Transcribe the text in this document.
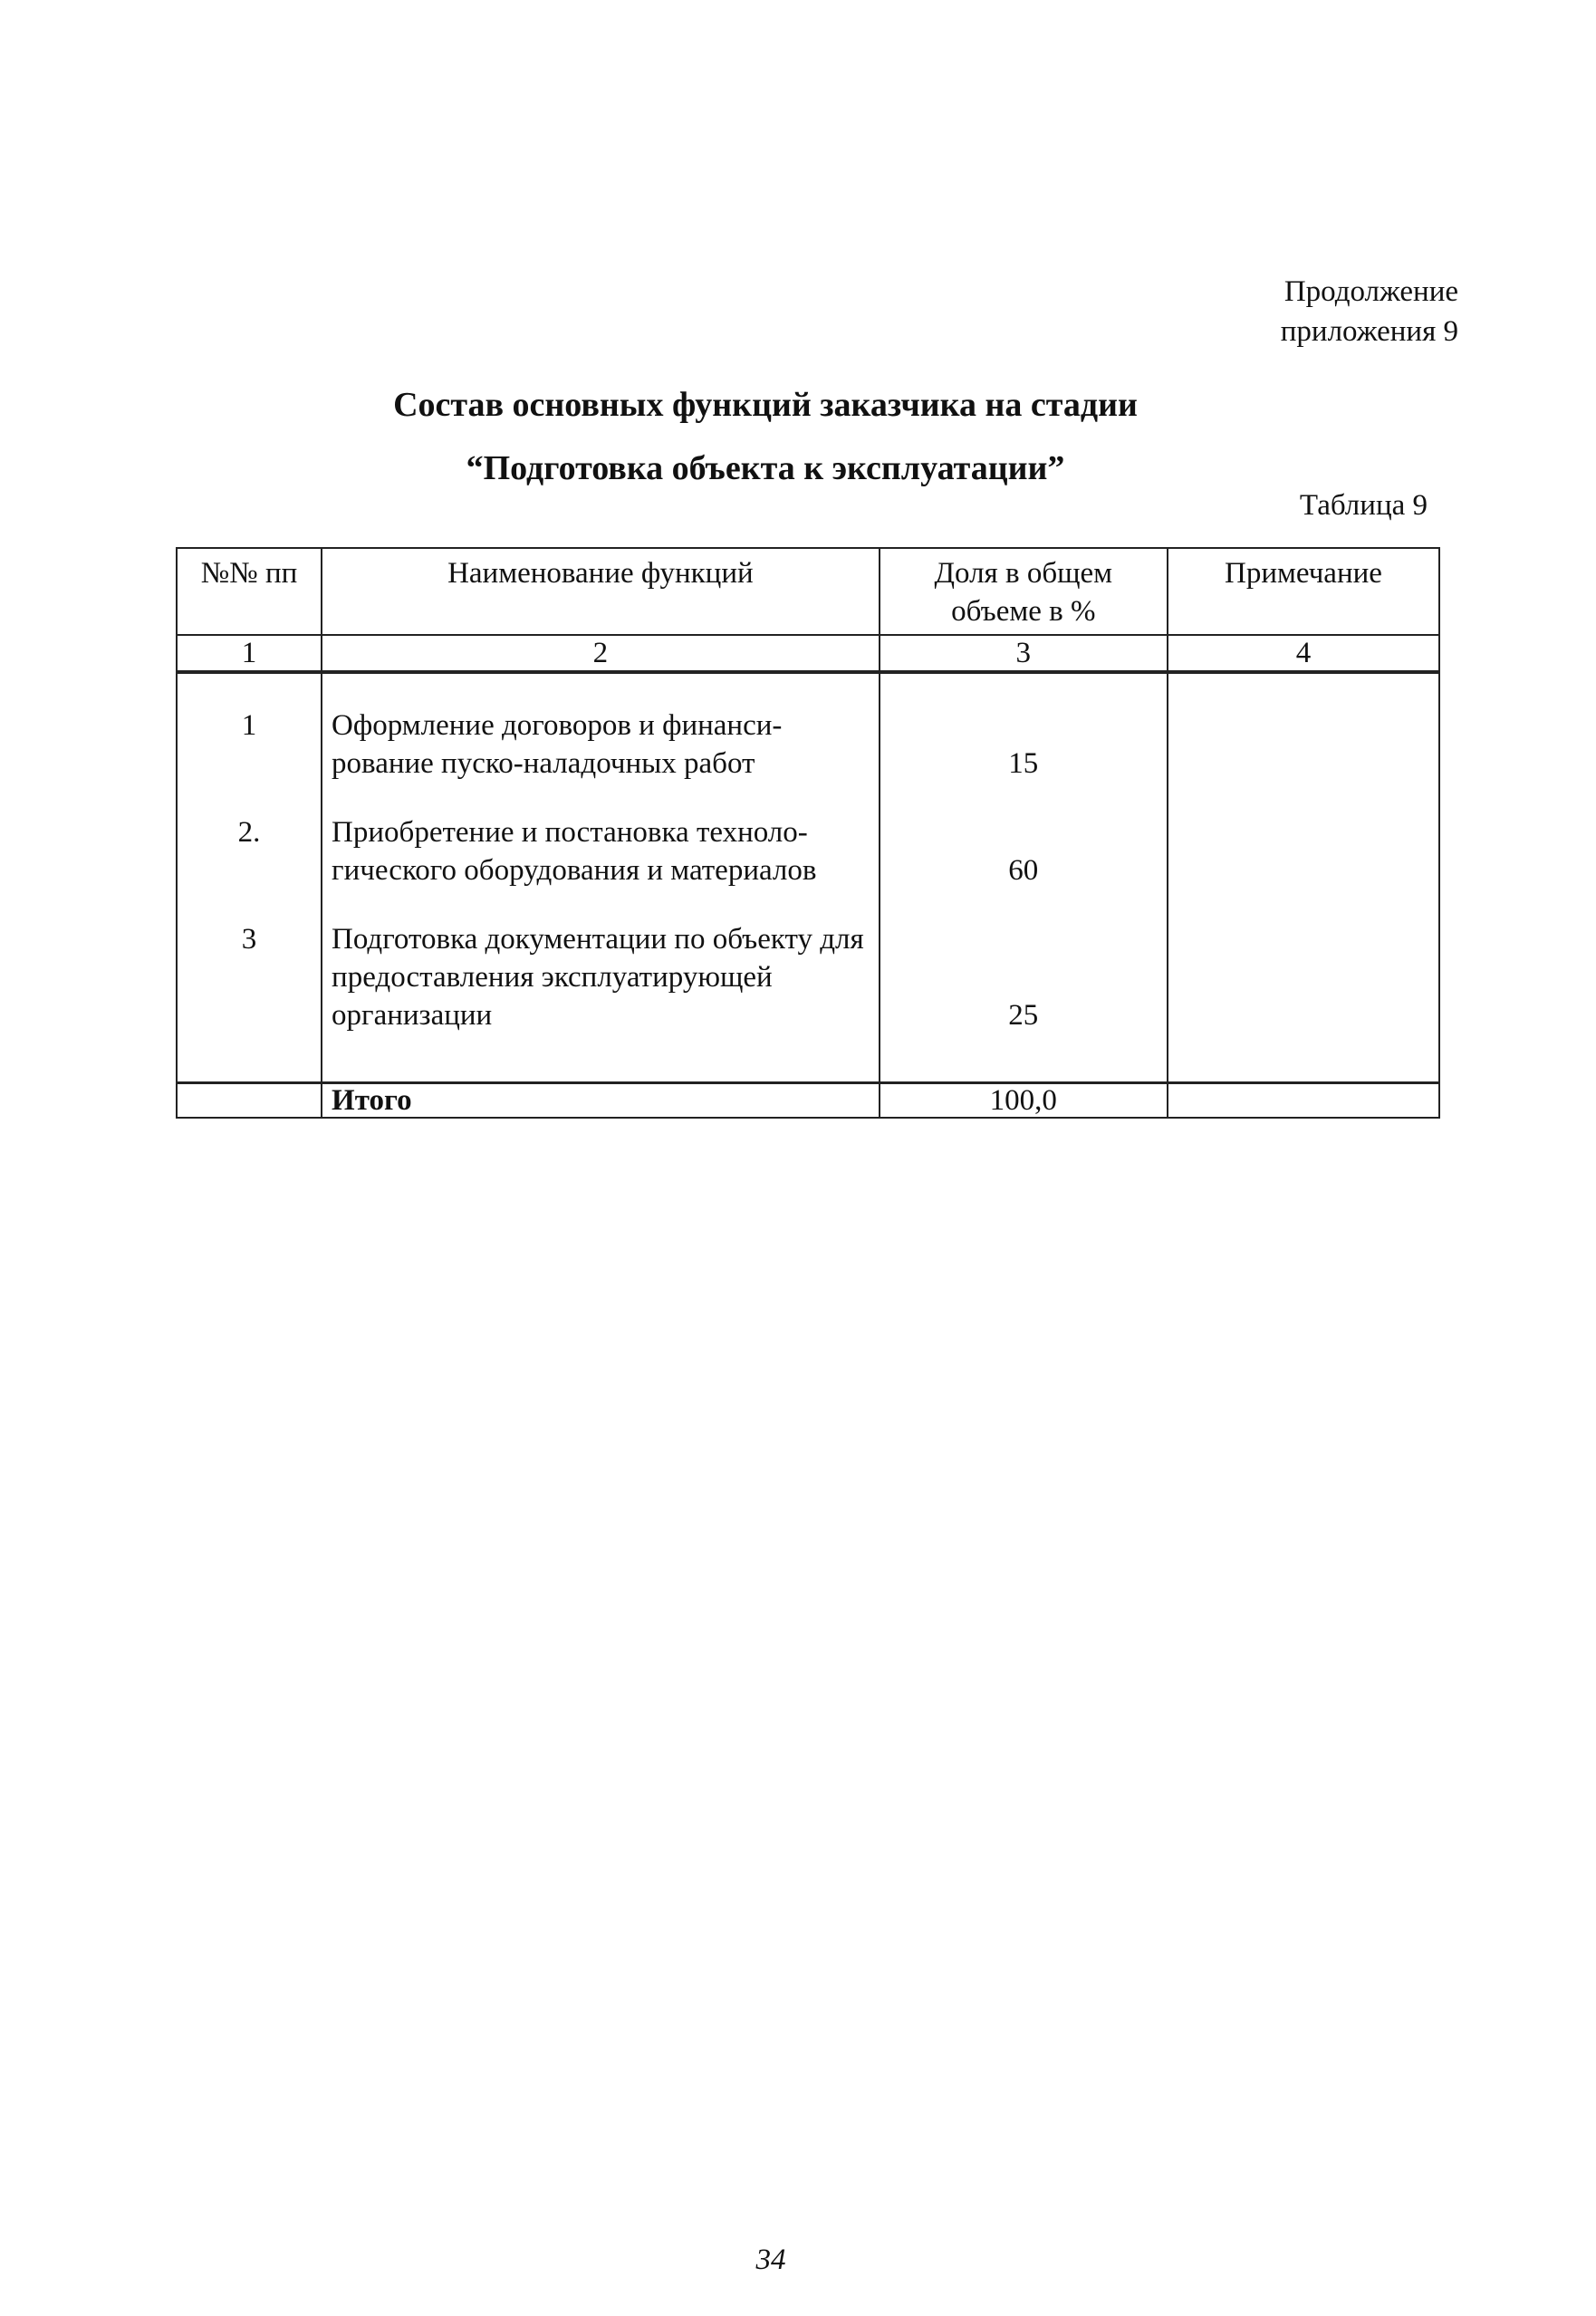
Продолжение
приложения 9
Состав основных функций заказчика на стадии
“Подготовка объекта к эксплуатации”
Таблица 9
№№ пп	Наименование функций	Доля в общем объеме в %	Примечание
1	2	3	4

1	Оформление договоров и финанси-рование пуско-наладочных работ	15	
2.	Приобретение и постановка техноло-гического оборудования и материалов	60	
3	Подготовка документации по объекту для предоставления эксплуатирующей организации	25	
	Итого	100,0	
34
